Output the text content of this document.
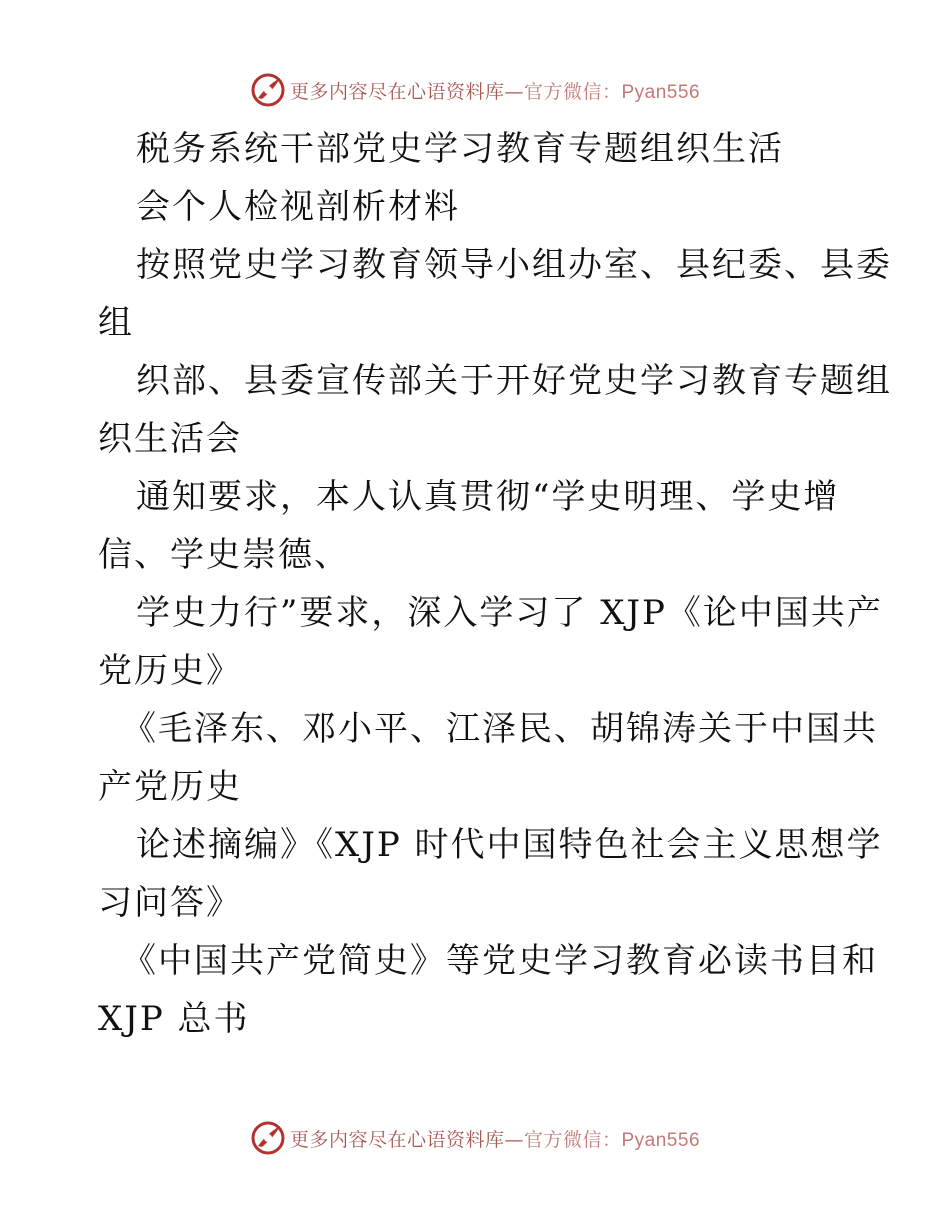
更多内容尽在心语资料库—官方微信：Pyan556
税务系统干部党史学习教育专题组织生活
会个人检视剖析材料
按照党史学习教育领导小组办室、县纪委、县委
组
织部、县委宣传部关于开好党史学习教育专题组
织生活会
通知要求，本人认真贯彻“学史明理、学史增
信、学史崇德、
学史力行”要求，深入学习了 XJP《论中国共产
党历史》
《毛泽东、邓小平、江泽民、胡锦涛关于中国共
产党历史
论述摘编》《XJP 时代中国特色社会主义思想学
习问答》
《中国共产党简史》等党史学习教育必读书目和
XJP 总书
更多内容尽在心语资料库—官方微信：Pyan556
